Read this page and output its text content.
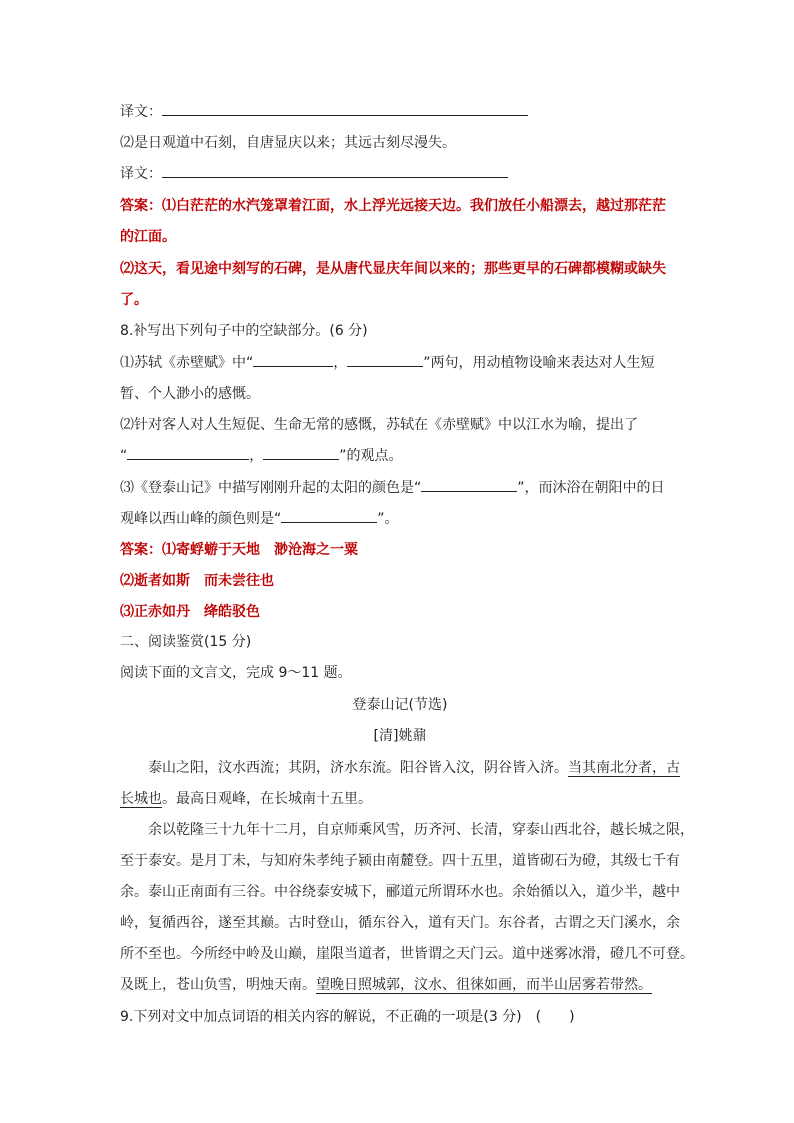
译文：
⑵是日观道中石刻，自唐显庆以来；其远古刻尽漫失。
译文：
答案：⑴白茫茫的水汽笼罩着江面，水上浮光远接天边。我们放任小船漂去，越过那茫茫
的江面。
⑵这天，看见途中刻写的石碑，是从唐代显庆年间以来的；那些更早的石碑都模糊或缺失
了。
8.补写出下列句子中的空缺部分。(6 分)
⑴苏轼《赤壁赋》中“	，	”两句，用动植物设喻来表达对人生短
暂、个人渺小的感慨。
⑵针对客人对人生短促、生命无常的感慨，苏轼在《赤壁赋》中以江水为喻，提出了
“	，	”的观点。
⑶《登泰山记》中描写刚刚升起的太阳的颜色是“	”，而沐浴在朝阳中的日
观峰以西山峰的颜色则是“	”。
答案：⑴寄蜉蝣于天地　渺沧海之一粟
⑵逝者如斯　而未尝往也
⑶正赤如丹　绛皓驳色
二、阅读鉴赏(15 分)
阅读下面的文言文，完成 9～11 题。
登泰山记(节选)
[清]姚鼐
泰山之阳，汶水西流；其阴，济水东流。阳谷皆入汶，阴谷皆入济。当其南北分者，古
长城也。最高日观峰，在长城南十五里。
余以乾隆三十九年十二月，自京师乘风雪，历齐河、长清，穿泰山西北谷，越长城之限，
至于泰安。是月丁未，与知府朱孝纯子颍由南麓登。四十五里，道皆砌石为磴，其级七千有
余。泰山正南面有三谷。中谷绕泰安城下，郦道元所谓环水也。余始循以入，道少半，越中
岭，复循西谷，遂至其巅。古时登山，循东谷入，道有天门。东谷者，古谓之天门溪水，余
所不至也。今所经中岭及山巅，崖限当道者，世皆谓之天门云。道中迷雾冰滑，磴几不可登。
及既上，苍山负雪，明烛天南。望晚日照城郭，汶水、徂徕如画，而半山居雾若带然。
9.下列对文中加点词语的相关内容的解说，不正确的一项是(3 分)　(　　)
